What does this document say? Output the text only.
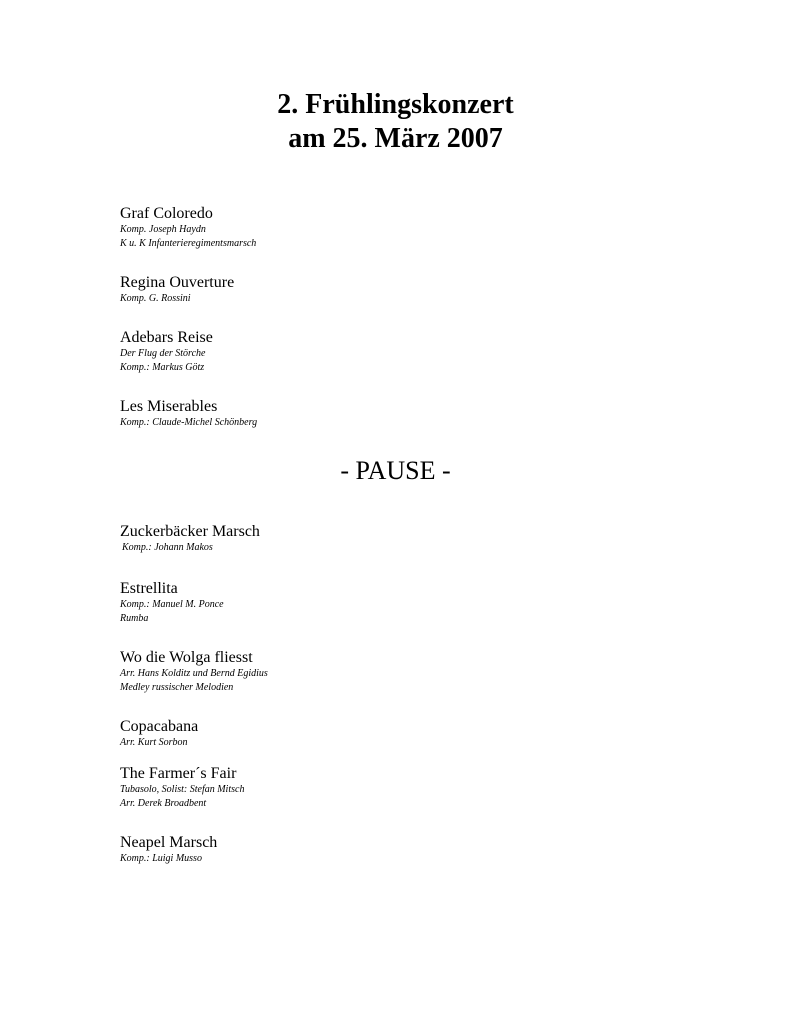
2. Frühlingskonzert
am 25. März 2007
Graf Coloredo
Komp. Joseph Haydn
K u. K Infanterieregimentsmarsch
Regina Ouverture
Komp. G. Rossini
Adebars Reise
Der Flug der Störche
Komp.: Markus Götz
Les Miserables
Komp.: Claude-Michel Schönberg
- PAUSE -
Zuckerbäcker Marsch
Komp.: Johann Makos
Estrellita
Komp.: Manuel M. Ponce
Rumba
Wo die Wolga fliesst
Arr. Hans Kolditz und Bernd Egidius
Medley russischer Melodien
Copacabana
Arr. Kurt Sorbon
The Farmer´s Fair
Tubasolo, Solist: Stefan Mitsch
Arr. Derek Broadbent
Neapel Marsch
Komp.: Luigi Musso
